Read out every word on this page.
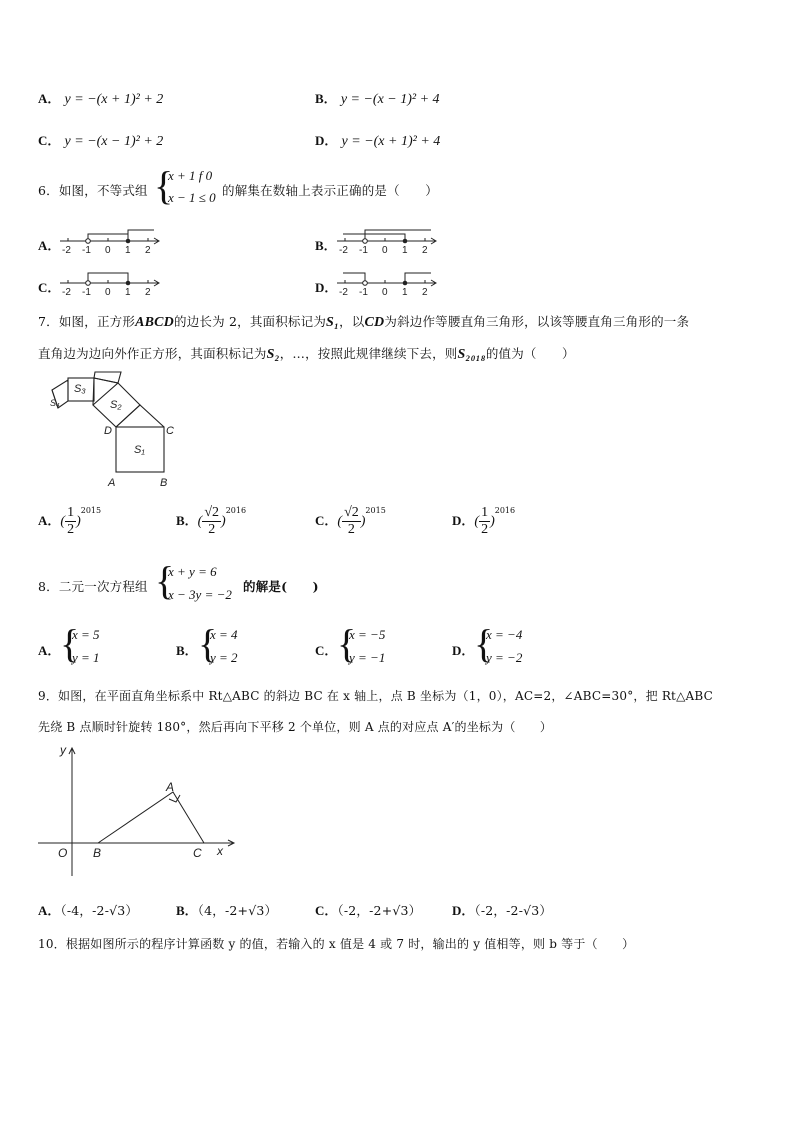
A． y = −(x + 1)² + 2	B． y = −(x − 1)² + 4
C． y = −(x − 1)² + 2	D． y = −(x + 1)² + 4
6．如图，不等式组 {
x + 1 f 0
x − 1 ≤ 0 的解集在数轴上表示正确的是（　　）
A．	B．
C．	D．
-2 -1 0 1 2	-2 -1 0 1 2
-2 -1 0 1 2	-2 -1 0 1 2
7．如图，正方形ABCD的边长为 2，其面积标记为S₁，以CD为斜边作等腰直角三角形，以该等腰直角三角形的一条
直角边为边向外作正方形，其面积标记为S₂，…，按照此规律继续下去，则S₂₀₁₈的值为（　　）
S₁
S₂
S₃
S₄
D	C
A	B
A．( $\frac{1}{2} )^{2015}$
B．( $\frac{√2}{2} )^{2016}$
C．( $\frac{√2}{2} )^{2015}$
D．( $\frac{1}{2} )^{2016}$
8．二元一次方程组 {
x + y = 6
x − 3y = −2
的解是(　　)
A． {
x = 5
y = 1	B． {
x = 4
y = 2	C． {
x = −5
y = −1	D． {
x = −4
y = −2
9．如图，在平面直角坐标系中 Rt△ABC 的斜边 BC 在 x 轴上，点 B 坐标为（1，0），AC=2，∠ABC=30°，把 Rt△ABC
先绕 B 点顺时针旋转 180°，然后再向下平移 2 个单位，则 A 点的对应点 A′的坐标为（　　）
y
x
O B	C
A
A．（-4，-2-√3）	B．（4，-2+√3）	C．（-2，-2+√3） D．（-2，-2-√3）
10．根据如图所示的程序计算函数 y 的值，若输入的 x 值是 4 或 7 时，输出的 y 值相等，则 b 等于（　　）
